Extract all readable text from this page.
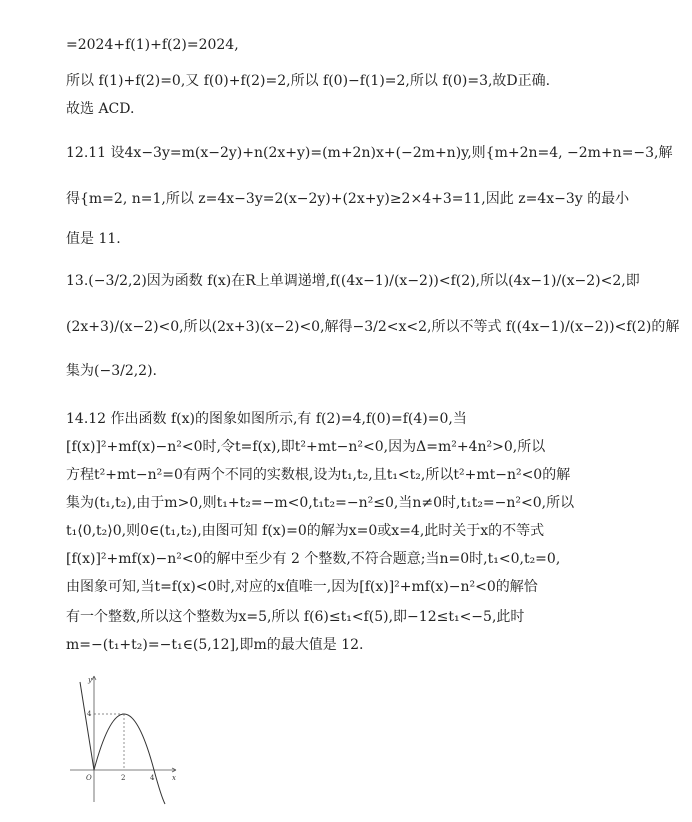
=2024+f(1)+f(2)=2024,
所以 f(1)+f(2)=0,又 f(0)+f(2)=2,所以 f(0)−f(1)=2,所以 f(0)=3,故D正确.
故选 ACD.
12.11 设4x−3y=m(x−2y)+n(2x+y)=(m+2n)x+(−2m+n)y,则{m+2n=4, −2m+n=−3,解
得{m=2, n=1,所以 z=4x−3y=2(x−2y)+(2x+y)≥2×4+3=11,因此 z=4x−3y 的最小
值是 11.
13.(−3/2,2)因为函数 f(x)在R上单调递增,f((4x−1)/(x−2))<f(2),所以(4x−1)/(x−2)<2,即
(2x+3)/(x−2)<0,所以(2x+3)(x−2)<0,解得−3/2<x<2,所以不等式 f((4x−1)/(x−2))<f(2)的解
集为(−3/2,2).
14.12 作出函数 f(x)的图象如图所示,有 f(2)=4,f(0)=f(4)=0,当
[f(x)]²+mf(x)−n²<0时,令t=f(x),即t²+mt−n²<0,因为Δ=m²+4n²>0,所以
方程t²+mt−n²=0有两个不同的实数根,设为t₁,t₂,且t₁<t₂,所以t²+mt−n²<0的解
集为(t₁,t₂),由于m>0,则t₁+t₂=−m<0,t₁t₂=−n²≤0,当n≠0时,t₁t₂=−n²<0,所以
t₁⟨0,t₂⟩0,则0∈(t₁,t₂),由图可知 f(x)=0的解为x=0或x=4,此时关于x的不等式
[f(x)]²+mf(x)−n²<0的解中至少有 2 个整数,不符合题意;当n=0时,t₁<0,t₂=0,
由图象可知,当t=f(x)<0时,对应的x值唯一,因为[f(x)]²+mf(x)−n²<0的解恰
有一个整数,所以这个整数为x=5,所以 f(6)≤t₁<f(5),即−12≤t₁<−5,此时
m=−(t₁+t₂)=−t₁∈(5,12],即m的最大值是 12.
y
x
O
4
2	4
